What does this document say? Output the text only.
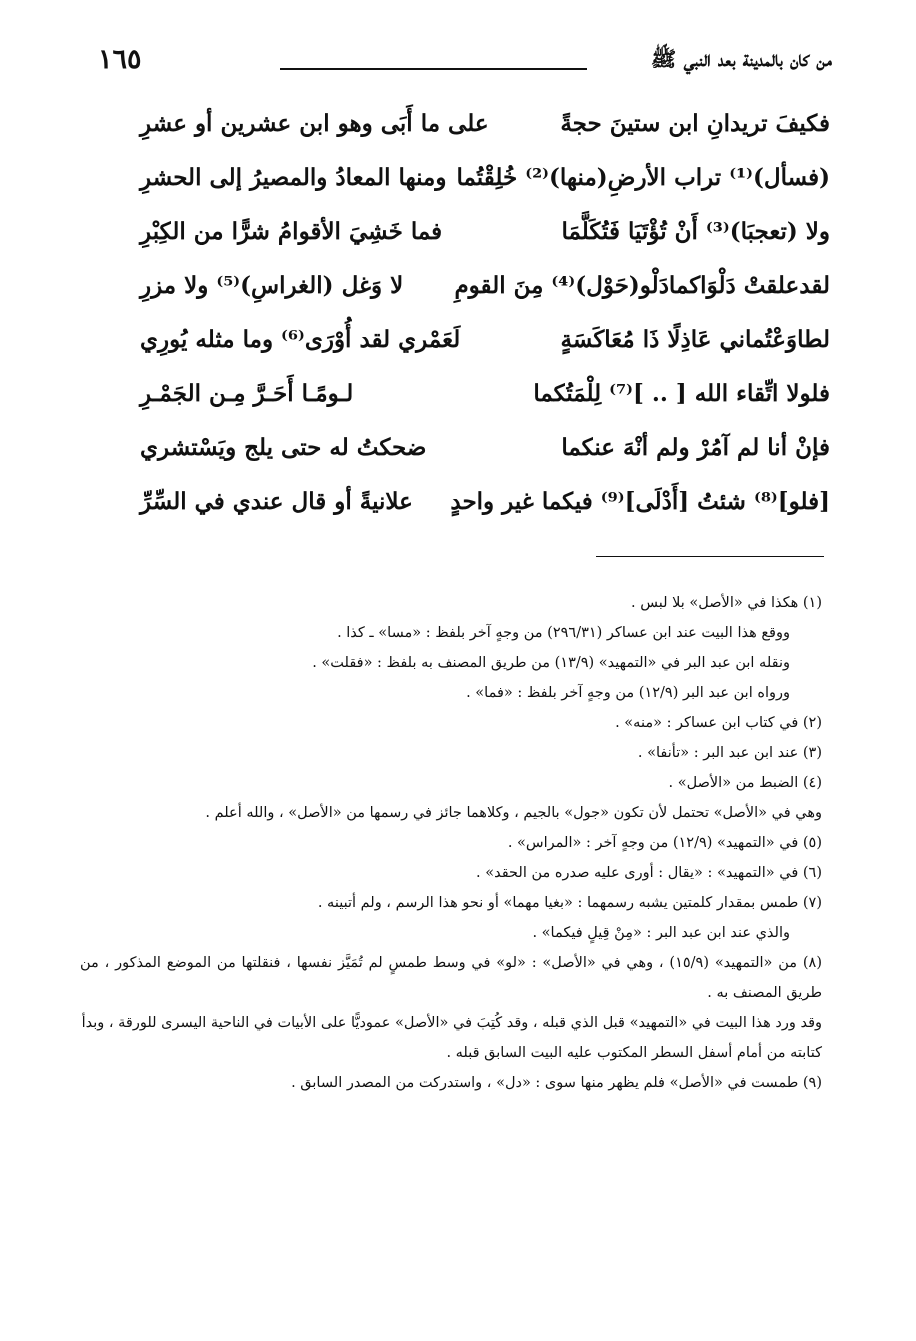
١٦٥	من كان بالمدينة بعد النبي ﷺ
فكيفَ تريدانِ ابن ستينَ حجةً
على ما أَبَى وهو ابن عشرين أو عشرِ
(فسأل)⁽¹⁾ تراب الأرضِ(منها)⁽²⁾ خُلِقْتُما
ومنها المعادُ والمصيرُ إلى الحشرِ
ولا (تعجبَا)⁽³⁾ أَنْ تُؤْتَيَا فَتُكَلَّمَا
فما خَشِيَ الأقوامُ شرًّا من الكِبْرِ
لقدعلقتْ دَلْوَاكمادَلْو(حَوْل)⁽⁴⁾ مِنَ القومِ
لا وَغل (الغراسِ)⁽⁵⁾ ولا مزرِ
لطاوَعْتُماني عَاذِلًا ذَا مُعَاكَسَةٍ
لَعَمْري لقد أُوْرَى⁽⁶⁾ وما مثله يُورِي
فلولا اتِّقاء الله [ .. ]⁽⁷⁾ لِلْمَتُكما
لـومًـا أَحَـرَّ مِـن الجَمْـرِ
فإنْ أنا لم آمُرْ ولم أنْهَ عنكما
ضحكتُ له حتى يلج ويَسْتشري
[فلو]⁽⁸⁾ شئتُ [أَدْلَى]⁽⁹⁾ فيكما غير واحدٍ
علانيةً أو قال عندي في السِّرِّ
(١) هكذا في «الأصل» بلا لبس .
ووقع هذا البيت عند ابن عساكر (٢٩٦/٣١) من وجهٍ آخر بلفظ : «مسا» ـ كذا .
ونقله ابن عبد البر في «التمهيد» (١٣/٩) من طريق المصنف به بلفظ : «فقلت» .
ورواه ابن عبد البر (١٢/٩) من وجهٍ آخر بلفظ : «فما» .
(٢) في كتاب ابن عساكر : «منه» .
(٣) عند ابن عبد البر : «تأنفا» .
(٤) الضبط من «الأصل» .
وهي في «الأصل» تحتمل لأن تكون «جول» بالجيم ، وكلاهما جائز في رسمها من «الأصل» ، والله أعلم .
(٥) في «التمهيد» (١٢/٩) من وجهٍ آخر : «المراس» .
(٦) في «التمهيد» : «يقال : أورى عليه صدره من الحقد» .
(٧) طمس بمقدار كلمتين يشبه رسمهما : «بغيا مهما» أو نحو هذا الرسم ، ولم أتبينه .
والذي عند ابن عبد البر : «مِنْ قِيلٍ فيكما» .
(٨) من «التمهيد» (١٥/٩) ، وهي في «الأصل» : «لو» في وسط طمسٍ لم تُمَيَّز نفسها ، فنقلتها من الموضع المذكور ، من طريق المصنف به .
وقد ورد هذا البيت في «التمهيد» قبل الذي قبله ، وقد كُتِبَ في «الأصل» عموديًّا على الأبيات في الناحية اليسرى للورقة ، وبدأ كتابته من أمام أسفل السطر المكتوب عليه البيت السابق قبله .
(٩) طمست في «الأصل» فلم يظهر منها سوى : «دل» ، واستدركت من المصدر السابق .
